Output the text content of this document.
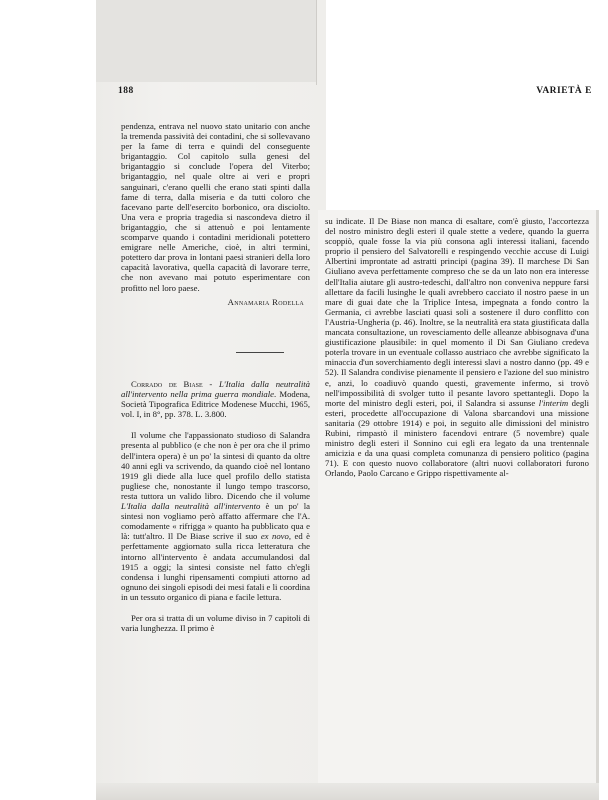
188	VARIETÀ E

pendenza, entrava nel nuovo stato unitario con anche la tremenda passività dei contadini, che si sollevavano per la fame di terra e quindi del conseguente brigantaggio. Col capitolo sulla genesi del brigantaggio si conclude l'opera del Viterbo; brigantaggio, nel quale oltre ai veri e propri sanguinari, c'erano quelli che erano stati spinti dalla fame di terra, dalla miseria e da tutti coloro che facevano parte dell'esercito borbonico, ora disciolto. Una vera e propria tragedia si nascondeva dietro il brigantaggio, che si attenuò e poi lentamente scomparve quando i contadini meridionali potettero emigrare nelle Americhe, cioè, in altri termini, potettero dar prova in lontani paesi stranieri della loro capacità lavorativa, quella capacità di lavorare terre, che non avevano mai potuto esperimentare con profitto nel loro paese.

Annamaria Rodella

Corrado de Biase - L'Italia dalla neutralità all'intervento nella prima guerra mondiale. Modena, Società Tipografica Editrice Modenese Mucchi, 1965, vol. I, in 8°, pp. 378. L. 3.800.

Il volume che l'appassionato studioso di Salandra presenta al pubblico (e che non è per ora che il primo dell'intera opera) è un po' la sintesi di quanto da oltre 40 anni egli va scrivendo, da quando cioè nel lontano 1919 gli diede alla luce quel profilo dello statista pugliese che, nonostante il lungo tempo trascorso, resta tuttora un valido libro. Dicendo che il volume L'Italia dalla neutralità all'intervento è un po' la sintesi non vogliamo però affatto affermare che l'A. comodamente « rifrigga » quanto ha pubblicato qua e là: tutt'altro. Il De Biase scrive il suo ex novo, ed è perfettamente aggiornato sulla ricca letteratura che intorno all'intervento è andata accumulandosi dal 1915 a oggi; la sintesi consiste nel fatto ch'egli condensa i lunghi ripensamenti compiuti attorno ad ognuno dei singoli episodi dei mesi fatali e li coordina in un tessuto organico di piana e facile lettura.

Per ora si tratta di un volume diviso in 7 capitoli di varia lunghezza. Il primo è

su indicate. Il De Biase non manca di esaltare, com'è giusto, l'accortezza del nostro ministro degli esteri il quale stette a vedere, quando la guerra scoppiò, quale fosse la via più consona agli interessi italiani, facendo proprio il pensiero del Salvatorelli e respingendo vecchie accuse di Luigi Albertini improntate ad astratti principi (pagina 39). Il marchese Di San Giuliano aveva perfettamente compreso che se da un lato non era interesse dell'Italia aiutare gli austro-tedeschi, dall'altro non conveniva neppure farsi allettare da facili lusinghe le quali avrebbero cacciato il nostro paese in un mare di guai date che la Triplice Intesa, impegnata a fondo contro la Germania, ci avrebbe lasciati quasi soli a sostenere il duro conflitto con l'Austria-Ungheria (p. 46). Inoltre, se la neutralità era stata giustificata dalla mancata consultazione, un rovesciamento delle alleanze abbisognava d'una giustificazione plausibile: in quel momento il Di San Giuliano credeva poterla trovare in un eventuale collasso austriaco che avrebbe significato la minaccia d'un soverchiamento degli interessi slavi a nostro danno (pp. 49 e 52). Il Salandra condivise pienamente il pensiero e l'azione del suo ministro e, anzi, lo coadiuvò quando questi, gravemente infermo, si trovò nell'impossibilità di svolger tutto il pesante lavoro spettantegli. Dopo la morte del ministro degli esteri, poi, il Salandra si assunse l'interim degli esteri, procedette all'occupazione di Valona sbarcandovi una missione sanitaria (29 ottobre 1914) e poi, in seguito alle dimissioni del ministro Rubini, rimpastò il ministero facendovi entrare (5 novembre) quale ministro degli esteri il Sonnino cui egli era legato da una trentennale amicizia e da una quasi completa comunanza di pensiero politico (pagina 71). E con questo nuovo collaboratore (altri nuovi collaboratori furono Orlando, Paolo Carcano e Grippo rispettivamente al-
